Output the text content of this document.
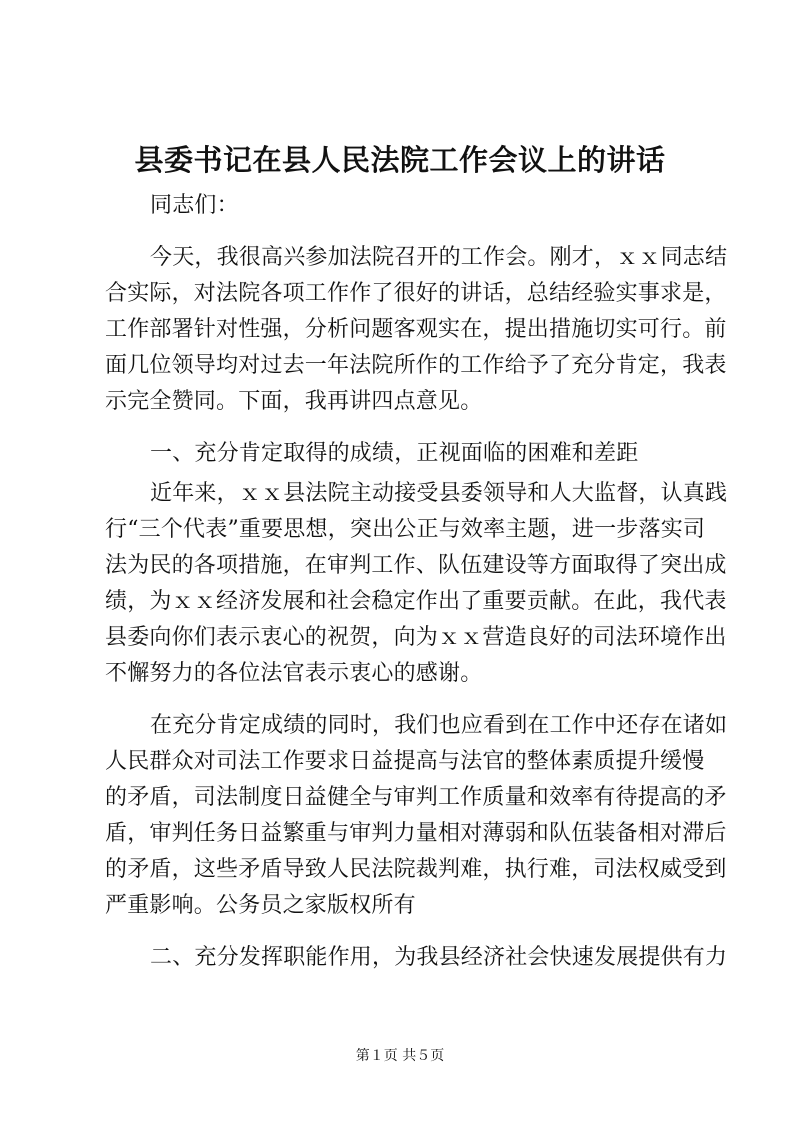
县委书记在县人民法院工作会议上的讲话
同志们：
今天，我很高兴参加法院召开的工作会。刚才，ｘｘ同志结
合实际，对法院各项工作作了很好的讲话，总结经验实事求是，
工作部署针对性强，分析问题客观实在，提出措施切实可行。前
面几位领导均对过去一年法院所作的工作给予了充分肯定，我表
示完全赞同。下面，我再讲四点意见。
一、充分肯定取得的成绩，正视面临的困难和差距
近年来，ｘｘ县法院主动接受县委领导和人大监督，认真践
行“三个代表”重要思想，突出公正与效率主题，进一步落实司
法为民的各项措施，在审判工作、队伍建设等方面取得了突出成
绩，为ｘｘ经济发展和社会稳定作出了重要贡献。在此，我代表
县委向你们表示衷心的祝贺，向为ｘｘ营造良好的司法环境作出
不懈努力的各位法官表示衷心的感谢。
在充分肯定成绩的同时，我们也应看到在工作中还存在诸如
人民群众对司法工作要求日益提高与法官的整体素质提升缓慢
的矛盾，司法制度日益健全与审判工作质量和效率有待提高的矛
盾，审判任务日益繁重与审判力量相对薄弱和队伍装备相对滞后
的矛盾，这些矛盾导致人民法院裁判难，执行难，司法权威受到
严重影响。公务员之家版权所有
二、充分发挥职能作用，为我县经济社会快速发展提供有力
第１页 共５页
